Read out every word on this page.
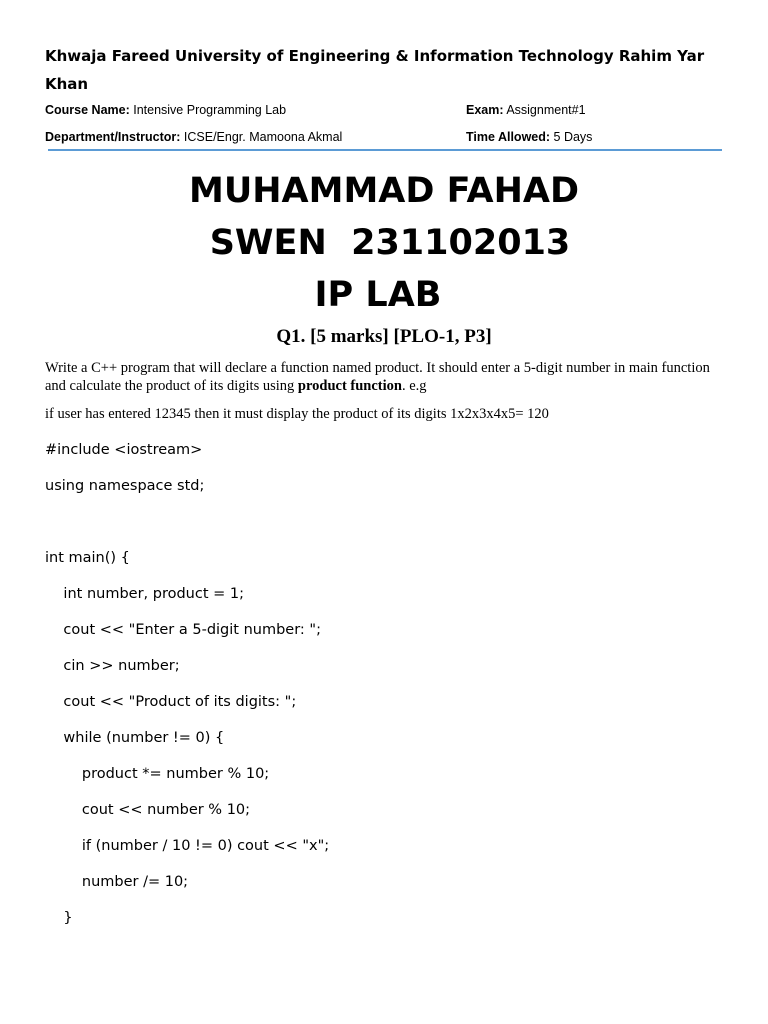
Khwaja Fareed University of Engineering & Information Technology Rahim Yar Khan
Course Name: Intensive Programming Lab	Exam: Assignment#1
Department/Instructor: ICSE/Engr. Mamoona Akmal	Time Allowed: 5 Days
MUHAMMAD FAHAD
SWEN  231102013
IP LAB
Q1. [5 marks] [PLO-1, P3]
Write a C++ program that will declare a function named product. It should enter a 5-digit number in main function and calculate the product of its digits using product function. e.g
if user has entered 12345 then it must display the product of its digits 1x2x3x4x5= 120
#include <iostream>
using namespace std;
int main() {
int number, product = 1;
cout << "Enter a 5-digit number: ";
cin >> number;
cout << "Product of its digits: ";
while (number != 0) {
product *= number % 10;
cout << number % 10;
if (number / 10 != 0) cout << "x";
number /= 10;
}
